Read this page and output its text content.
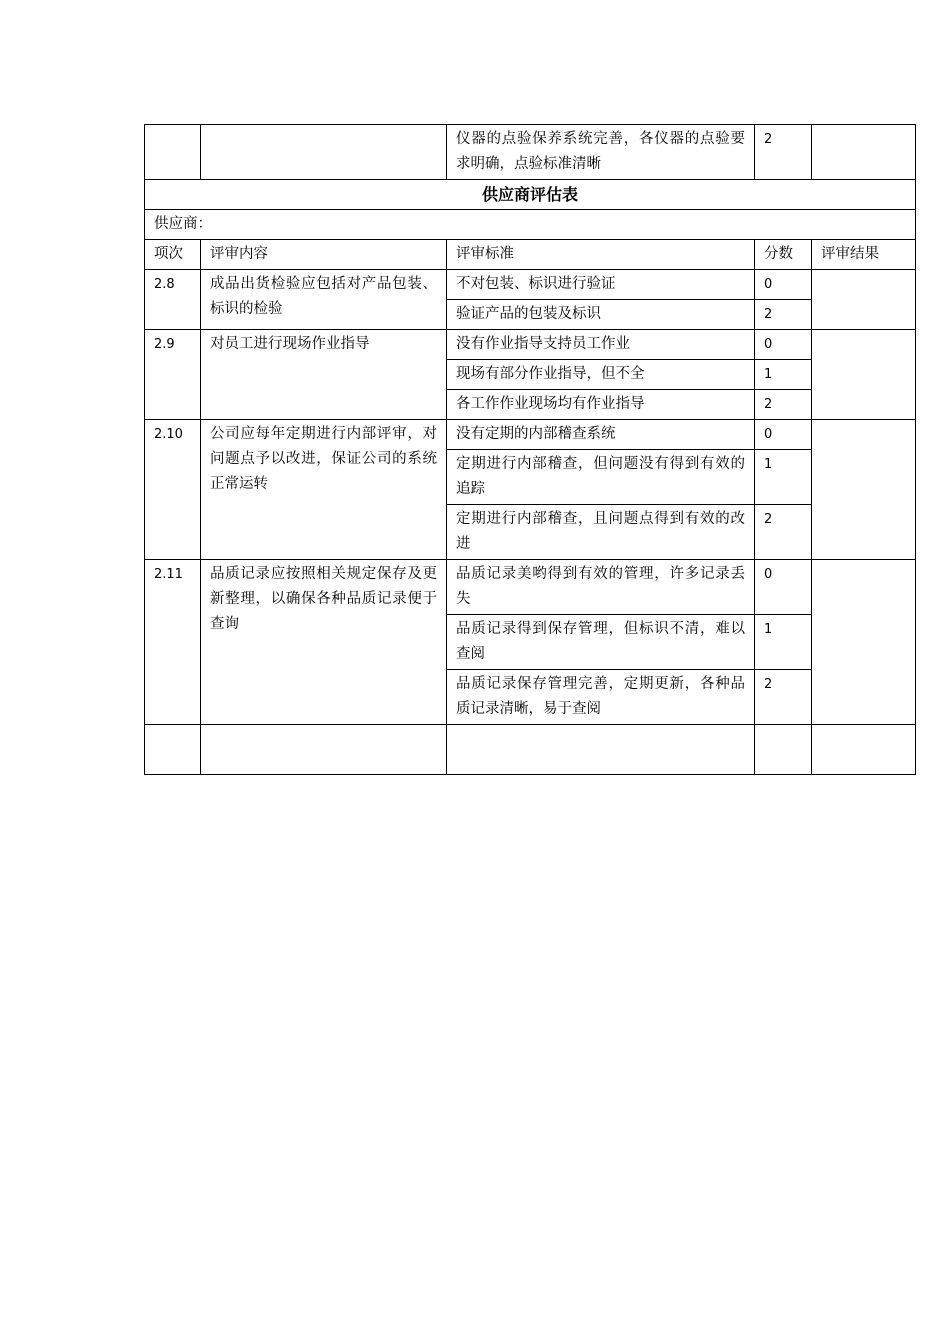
		仪器的点验保养系统完善，各仪器的点验要求明确，点验标准清晰	2	
供应商评估表				
供应商：				
项次	评审内容	评审标准	分数	评审结果
2.8	成品出货检验应包括对产品包装、标识的检验	不对包装、标识进行验证	0	
		验证产品的包装及标识	2	
2.9	对员工进行现场作业指导	没有作业指导支持员工作业	0	
		现场有部分作业指导，但不全	1	
		各工作作业现场均有作业指导	2	
2.10	公司应每年定期进行内部评审，对问题点予以改进，保证公司的系统正常运转	没有定期的内部稽查系统	0	
		定期进行内部稽查，但问题没有得到有效的追踪	1	
		定期进行内部稽查，且问题点得到有效的改进	2	
2.11	品质记录应按照相关规定保存及更新整理，以确保各种品质记录便于查询	品质记录美哟得到有效的管理，许多记录丢失	0	
		品质记录得到保存管理，但标识不清，难以查阅	1	
		品质记录保存管理完善，定期更新，各种品质记录清晰，易于查阅	2	
